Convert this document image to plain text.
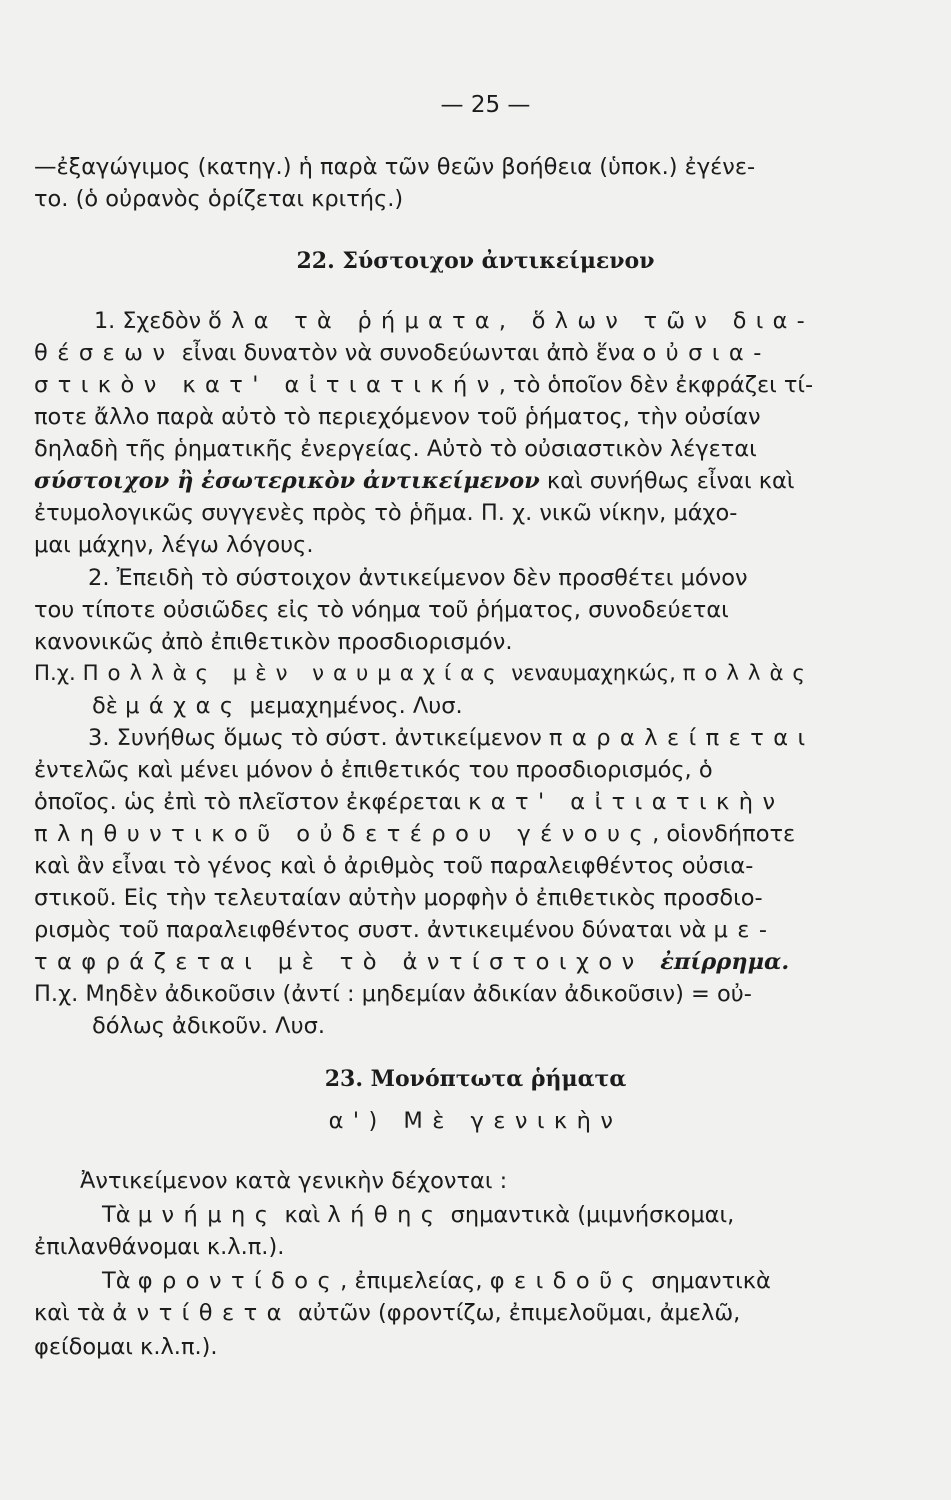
— 25 —
—ἐξαγώγιμος (κατηγ.) ἡ παρὰ τῶν θεῶν βοήθεια (ὑποκ.) ἐγένε-
το. (ὁ οὐρανὸς ὁρίζεται κριτής.)
22. Σύστοιχον ἀντικείμενον
1. Σχεδὸν ὅλα τὰ ῥήματα, ὅλων τῶν δια-
θέσεων εἶναι δυνατὸν νὰ συνοδεύωνται ἀπὸ ἕνα οὐσια-
στικὸν κατ' αἰτιατικήν, τὸ ὁποῖον δὲν ἐκφράζει τί-
ποτε ἄλλο παρὰ αὐτὸ τὸ περιεχόμενον τοῦ ῥήματος, τὴν οὐσίαν
δηλαδὴ τῆς ῥηματικῆς ἐνεργείας. Αὐτὸ τὸ οὐσιαστικὸν λέγεται
σύστοιχον ἢ ἐσωτερικὸν ἀντικείμενον καὶ συνήθως εἶναι καὶ
ἐτυμολογικῶς συγγενὲς πρὸς τὸ ῥῆμα. Π. χ. νικῶ νίκην, μάχο-
μαι μάχην, λέγω λόγους.
2. Ἐπειδὴ τὸ σύστοιχον ἀντικείμενον δὲν προσθέτει μόνον
του τίποτε οὐσιῶδες εἰς τὸ νόημα τοῦ ῥήματος, συνοδεύεται
κανονικῶς ἀπὸ ἐπιθετικὸν προσδιορισμόν.
Π.χ. Πολλὰς μὲν ναυμαχίας νεναυμαχηκώς, πολλὰς
δὲ μάχας μεμαχημένος. Λυσ.
3. Συνήθως ὅμως τὸ σύστ. ἀντικείμενον παραλείπεται
ἐντελῶς καὶ μένει μόνον ὁ ἐπιθετικός του προσδιορισμός, ὁ
ὁποῖος. ὡς ἐπὶ τὸ πλεῖστον ἐκφέρεται κατ' αἰτιατικὴν
πληθυντικοῦ οὐδετέρου γένους, οἱονδήποτε
καὶ ἂν εἶναι τὸ γένος καὶ ὁ ἀριθμὸς τοῦ παραλειφθέντος οὐσια-
στικοῦ. Εἰς τὴν τελευταίαν αὐτὴν μορφὴν ὁ ἐπιθετικὸς προσδιο-
ρισμὸς τοῦ παραλειφθέντος συστ. ἀντικειμένου δύναται νὰ με-
ταφράζεται μὲ τὸ ἀντίστοιχον ἐπίρρημα.
Π.χ. Μηδὲν ἀδικοῦσιν (ἀντί : μηδεμίαν ἀδικίαν ἀδικοῦσιν) = οὐ-
δόλως ἀδικοῦν. Λυσ.
23. Μονόπτωτα ῥήματα
α') Μὲ γενικὴν
Ἀντικείμενον κατὰ γενικὴν δέχονται :
Τὰ μνήμης καὶ λήθης σημαντικὰ (μιμνήσκομαι,
ἐπιλανθάνομαι κ.λ.π.).
Τὰ φροντίδος, ἐπιμελείας, φειδοῦς σημαντικὰ
καὶ τὰ ἀντίθετα αὐτῶν (φροντίζω, ἐπιμελοῦμαι, ἀμελῶ,
φείδομαι κ.λ.π.).
